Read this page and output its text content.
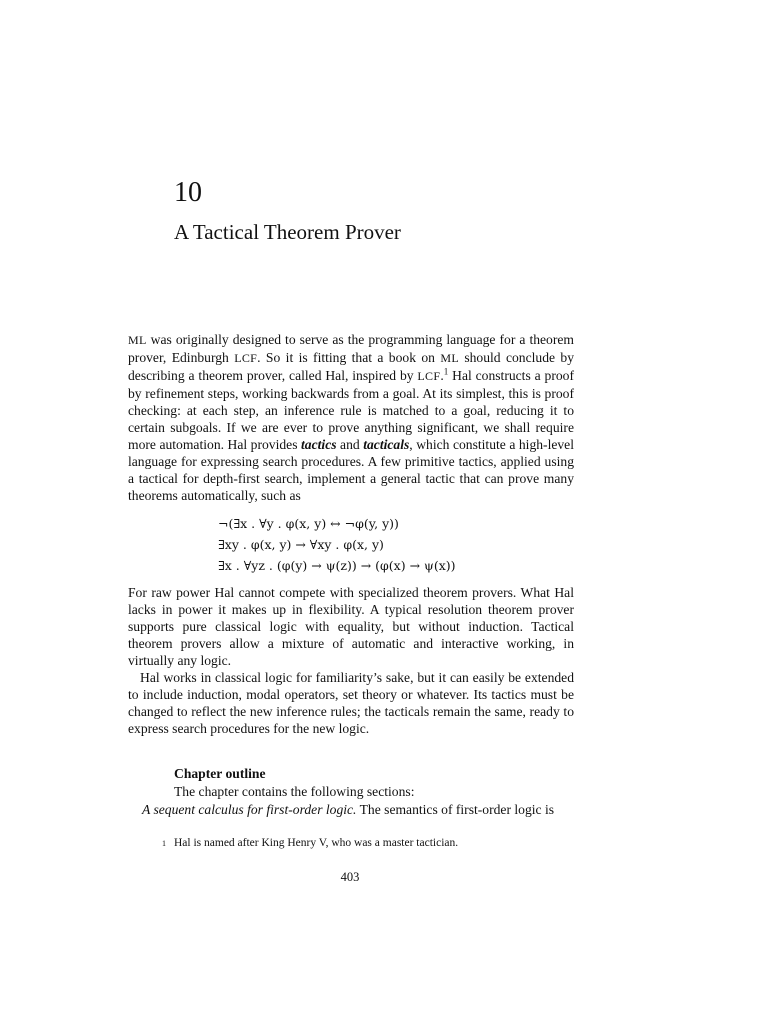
10
A Tactical Theorem Prover
ML was originally designed to serve as the programming language for a theorem prover, Edinburgh LCF. So it is fitting that a book on ML should conclude by describing a theorem prover, called Hal, inspired by LCF.$^1$ Hal constructs a proof by refinement steps, working backwards from a goal. At its simplest, this is proof checking: at each step, an inference rule is matched to a goal, reducing it to certain subgoals. If we are ever to prove anything significant, we shall require more automation. Hal provides tactics and tacticals, which constitute a high-level language for expressing search procedures. A few primitive tactics, applied using a tactical for depth-first search, implement a general tactic that can prove many theorems automatically, such as
¬(∃x . ∀y . φ(x, y) ↔ ¬φ(y, y))
∃xy . φ(x, y) → ∀xy . φ(x, y)
∃x . ∀yz . (φ(y) → ψ(z)) → (φ(x) → ψ(x))
For raw power Hal cannot compete with specialized theorem provers. What Hal lacks in power it makes up in flexibility. A typical resolution theorem prover supports pure classical logic with equality, but without induction. Tactical theorem provers allow a mixture of automatic and interactive working, in virtually any logic.
Hal works in classical logic for familiarity’s sake, but it can easily be extended to include induction, modal operators, set theory or whatever. Its tactics must be changed to reflect the new inference rules; the tacticals remain the same, ready to express search procedures for the new logic.
Chapter outline
The chapter contains the following sections:
A sequent calculus for first-order logic. The semantics of first-order logic is
$^1$ Hal is named after King Henry V, who was a master tactician.
403
